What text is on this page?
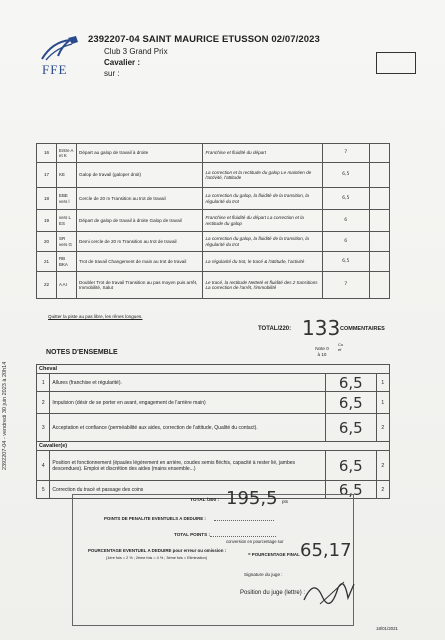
FFE
2392207-04 SAINT MAURICE ETUSSON 02/07/2023
Club 3 Grand Prix
Cavalier :
sur :
16	Entre A et K	Départ au galop de travail à droite	Franchise et fluidité du départ	7	
17	KE	Galop de travail (galoper droit)	La correction et la rectitude du galop Le maintien de l'activité, l'attitude	6,5	
18	EBE vers l	Cercle de 20 m Transition au trot de travail	La correction du galop, la fluidité de la transition, la régularité du trot	6,5	
19	vers L ES	Départ de galop de travail à droite Galop de travail	Franchise et fluidité du départ La correction et la rectitude du galop	6	
20	SR vers G	Demi cercle de 20 m Transition au trot de travail	La correction du galop, la fluidité de la transition, la régularité du trot	6	
21	RB BKA	Trot de travail Changement de main au trot de travail	La régularité du trot, le tracé & l'attitude, l'activité	6,5	
22	A AI	Doubler Trot de travail Transition au pas moyen puis arrêt, Immobilité, Salut	Le tracé, la rectitude Netteté et fluidité des 2 transitions La correction de l'arrêt, l'immobilité	7	
Quitter la piste au pas libre, les rênes longues.
TOTAL/220: 133 COMMENTAIRES
NOTES D'ENSEMBLE
Note 0 à 10
Coef
Cheval			
1	Allures (franchise et régularité).	6,5	1
2	Impulsion (désir de se porter en avant, engagement de l'arrière main)	6,5	1
3	Acceptation et confiance (perméabilité aux aides, correction de l'attitude, Qualité du contact).	6,5	2
Cavalier(e)			
4	Position et fonctionnement (épaules légèrement en arrière, coudes semis fléchis, capacité à rester lié, jambes descendues). Emploi et discrétion des aides (mains ensemble...)	6,5	2
5	Correction du tracé et passage des coins	6,5	2
TOTAL /300 : 195,5 pts
POINTS DE PENALITE EVENTUELS A DEDUIRE :
TOTAL POINTS :
conversion en pourcentage sur
POURCENTAGE EVENTUEL A DEDUIRE pour erreur ou omission :
(1ère fois = 2 % ; 2ème fois = 4 % ; 3ème fois = Elimination)
= POURCENTAGE FINAL 65,17
Signature du juge :
Position du juge (lettre) :
18/01/2021
2392207-04 - vendredi 30 juin 2023 à 20h14
